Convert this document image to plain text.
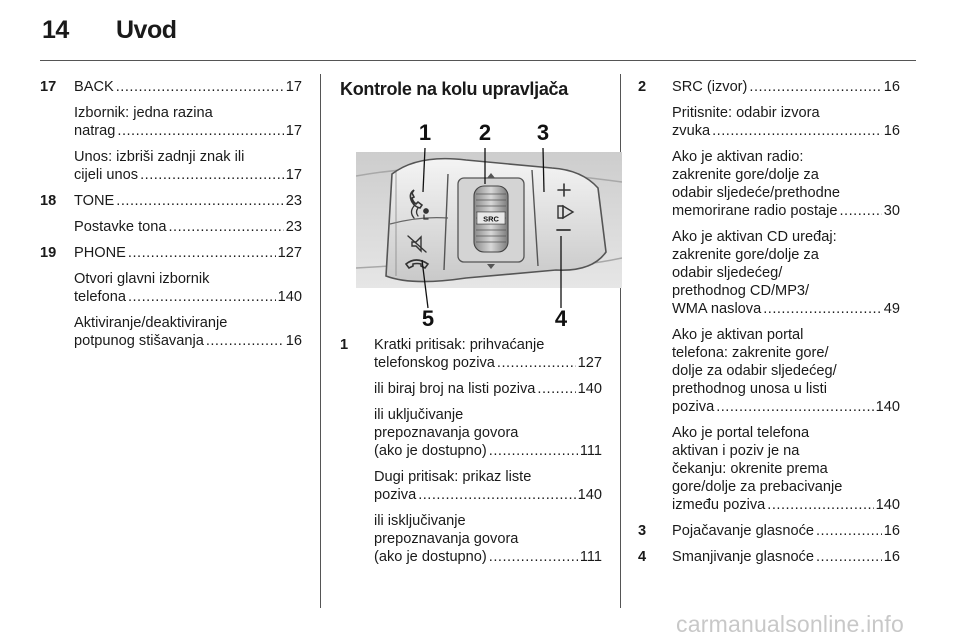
14 Uvod
17 BACK .....	17
Izbornik: jedna razina
natrag .....	17
Unos: izbriši zadnji znak ili
cijeli unos .....	17
18 TONE .....	23
Postavke tona .....	23
19 PHONE .....	127
Otvori glavni izbornik
telefona .....	140
Aktiviranje/deaktiviranje
potpunog stišavanja .....	16
Kontrole na kolu upravljača
SRC
1 2 3
4
5
1 Kratki pritisak: prihvaćanje
telefonskog poziva .....	127
ili biraj broj na listi poziva .....	140
ili uključivanje
prepoznavanja govora
(ako je dostupno) .....	111
Dugi pritisak: prikaz liste
poziva .....	140
ili isključivanje
prepoznavanja govora
(ako je dostupno) .....	111
2 SRC (izvor) .....	16
Pritisnite: odabir izvora
zvuka .....	16
Ako je aktivan radio:
zakrenite gore/dolje za
odabir sljedeće/prethodne
memorirane radio postaje .....	30
Ako je aktivan CD uređaj:
zakrenite gore/dolje za
odabir sljedećeg/
prethodnog CD/MP3/
WMA naslova .....	49
Ako je aktivan portal
telefona: zakrenite gore/
dolje za odabir sljedećeg/
prethodnog unosa u listi
poziva .....	140
Ako je portal telefona
aktivan i poziv je na
čekanju: okrenite prema
gore/dolje za prebacivanje
između poziva .....	140
3 Pojačavanje glasnoće .....	16
4 Smanjivanje glasnoće .....	16
carmanualsonline.info
